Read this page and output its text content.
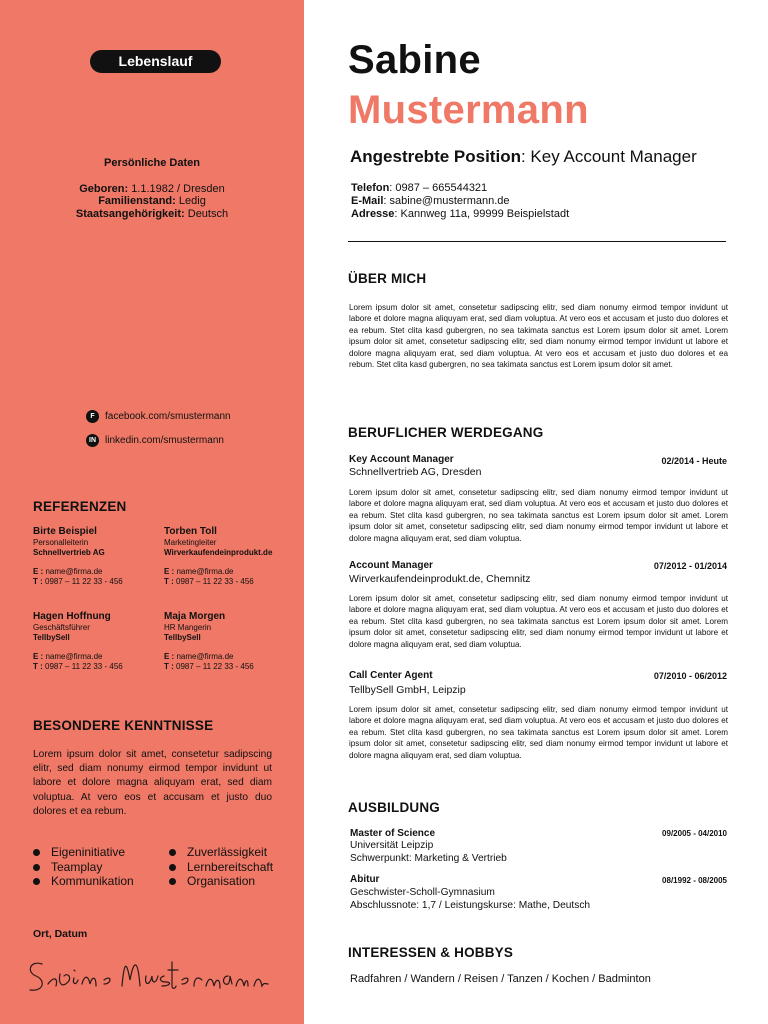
Lebenslauf
Persönliche Daten
Geboren: 1.1.1982 / Dresden
Familienstand: Ledig
Staatsangehörigkeit: Deutsch
F	facebook.com/smustermann
IN linkedin.com/smustermann
REFERENZEN
Birte Beispiel
Personalleiterin
Schnellvertrieb AG
E : name@firma.de
T : 0987 – 11 22 33 - 456
Torben Toll
Marketingleiter
Wirverkaufendeinprodukt.de
E : name@firma.de
T : 0987 – 11 22 33 - 456
Hagen Hoffnung
Geschäftsführer
TellbySell
E : name@firma.de
T : 0987 – 11 22 33 - 456
Maja Morgen
HR Mangerin
TellbySell
E : name@firma.de
T : 0987 – 11 22 33 - 456
BESONDERE KENNTNISSE
Lorem ipsum dolor sit amet, consetetur sadipscing elitr, sed diam nonumy eirmod tempor invidunt ut labore et dolore magna aliquyam erat, sed diam voluptua. At vero eos et accusam et justo duo dolores et ea rebum.
Eigeninitiative
Teamplay
Kommunikation
Zuverlässigkeit
Lernbereitschaft
Organisation
Ort, Datum
Sabine Mustermann
Sabine
Mustermann
Angestrebte Position: Key Account Manager
Telefon: 0987 – 665544321
E-Mail: sabine@mustermann.de
Adresse: Kannweg 11a, 99999 Beispielstadt
ÜBER MICH
Lorem ipsum dolor sit amet, consetetur sadipscing elitr, sed diam nonumy eirmod tempor invidunt ut labore et dolore magna aliquyam erat, sed diam voluptua. At vero eos et accusam et justo duo dolores et ea rebum. Stet clita kasd gubergren, no sea takimata sanctus est Lorem ipsum dolor sit amet. Lorem ipsum dolor sit amet, consetetur sadipscing elitr, sed diam nonumy eirmod tempor invidunt ut labore et dolore magna aliquyam erat, sed diam voluptua. At vero eos et accusam et justo duo dolores et ea rebum. Stet clita kasd gubergren, no sea takimata sanctus est Lorem ipsum dolor sit amet.
BERUFLICHER WERDEGANG
Key Account Manager	02/2014 - Heute
Schnellvertrieb AG, Dresden
Lorem ipsum dolor sit amet, consetetur sadipscing elitr, sed diam nonumy eirmod tempor invidunt ut labore et dolore magna aliquyam erat, sed diam voluptua. At vero eos et accusam et justo duo dolores et ea rebum. Stet clita kasd gubergren, no sea takimata sanctus est Lorem ipsum dolor sit amet. Lorem ipsum dolor sit amet, consetetur sadipscing elitr, sed diam nonumy eirmod tempor invidunt ut labore et dolore magna aliquyam erat, sed diam voluptua.
Account Manager	07/2012 - 01/2014
Wirverkaufendeinprodukt.de, Chemnitz
Lorem ipsum dolor sit amet, consetetur sadipscing elitr, sed diam nonumy eirmod tempor invidunt ut labore et dolore magna aliquyam erat, sed diam voluptua. At vero eos et accusam et justo duo dolores et ea rebum. Stet clita kasd gubergren, no sea takimata sanctus est Lorem ipsum dolor sit amet. Lorem ipsum dolor sit amet, consetetur sadipscing elitr, sed diam nonumy eirmod tempor invidunt ut labore et dolore magna aliquyam erat, sed diam voluptua.
Call Center Agent	07/2010 - 06/2012
TellbySell GmbH, Leipzip
Lorem ipsum dolor sit amet, consetetur sadipscing elitr, sed diam nonumy eirmod tempor invidunt ut labore et dolore magna aliquyam erat, sed diam voluptua. At vero eos et accusam et justo duo dolores et ea rebum. Stet clita kasd gubergren, no sea takimata sanctus est Lorem ipsum dolor sit amet. Lorem ipsum dolor sit amet, consetetur sadipscing elitr, sed diam nonumy eirmod tempor invidunt ut labore et dolore magna aliquyam erat, sed diam voluptua.
AUSBILDUNG
Master of Science	09/2005 - 04/2010
Universität Leipzip
Schwerpunkt: Marketing & Vertrieb
Abitur	08/1992 - 08/2005
Geschwister-Scholl-Gymnasium
Abschlussnote: 1,7 / Leistungskurse: Mathe, Deutsch
INTERESSEN & HOBBYS
Radfahren / Wandern / Reisen / Tanzen / Kochen / Badminton
